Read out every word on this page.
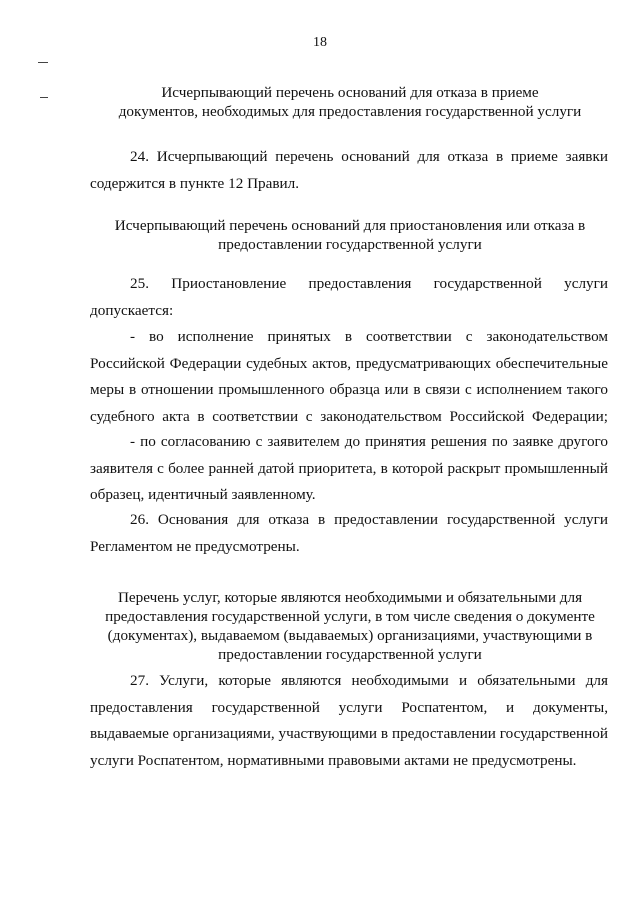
18
Исчерпывающий перечень оснований для отказа в приеме
документов, необходимых для предоставления государственной услуги
24. Исчерпывающий перечень оснований для отказа в приеме заявки
содержится в пункте 12 Правил.
Исчерпывающий перечень оснований для приостановления или отказа в
предоставлении государственной услуги
25. Приостановление предоставления государственной услуги
допускается:
- во исполнение принятых в соответствии с законодательством
Российской Федерации судебных актов, предусматривающих обеспечительные
меры в отношении промышленного образца или в связи с исполнением такого
судебного акта в соответствии с законодательством Российской Федерации;
- по согласованию с заявителем до принятия решения по заявке другого
заявителя с более ранней датой приоритета, в которой раскрыт промышленный
образец, идентичный заявленному.
26. Основания для отказа в предоставлении государственной услуги
Регламентом не предусмотрены.
Перечень услуг, которые являются необходимыми и обязательными для
предоставления государственной услуги, в том числе сведения о документе
(документах), выдаваемом (выдаваемых) организациями, участвующими в
предоставлении государственной услуги
27. Услуги, которые являются необходимыми и обязательными для
предоставления государственной услуги Роспатентом, и документы,
выдаваемые организациями, участвующими в предоставлении государственной
услуги Роспатентом, нормативными правовыми актами не предусмотрены.
